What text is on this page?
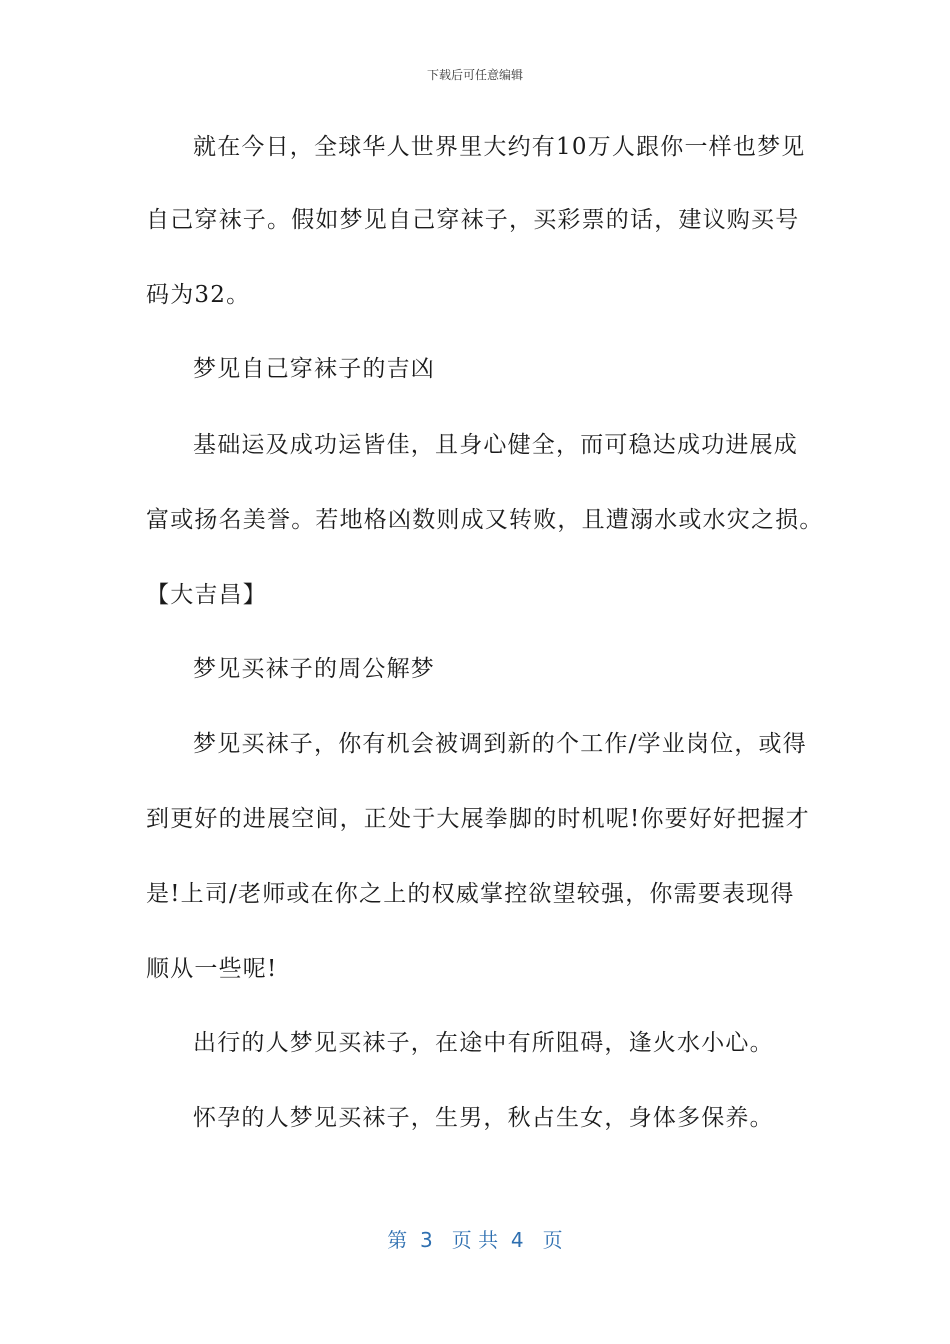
下载后可任意编辑
就在今日，全球华人世界里大约有10万人跟你一样也梦见
自己穿袜子。假如梦见自己穿袜子，买彩票的话，建议购买号
码为32。
梦见自己穿袜子的吉凶
基础运及成功运皆佳，且身心健全，而可稳达成功进展成
富或扬名美誉。若地格凶数则成又转败，且遭溺水或水灾之损。
【大吉昌】
梦见买袜子的周公解梦
梦见买袜子，你有机会被调到新的个工作/学业岗位，或得
到更好的进展空间，正处于大展拳脚的时机呢!你要好好把握才
是!上司/老师或在你之上的权威掌控欲望较强，你需要表现得
顺从一些呢!
出行的人梦见买袜子，在途中有所阻碍，逢火水小心。
怀孕的人梦见买袜子，生男，秋占生女，身体多保养。
第  3   页 共  4   页
